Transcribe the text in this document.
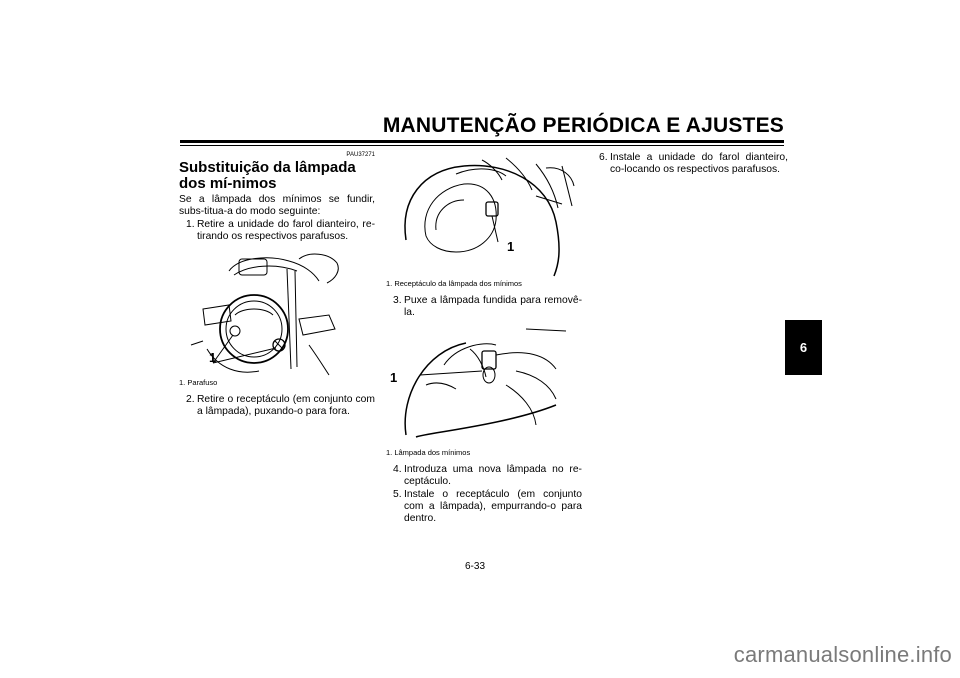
MANUTENÇÃO PERIÓDICA E AJUSTES
6
PAU37271
Substituição da lâmpada dos mí-nimos

Se a lâmpada dos mínimos se fundir, subs-titua-a do modo seguinte:

1. Retire a unidade do farol dianteiro, re-tirando os respectivos parafusos.
1
1. Parafuso
2. Retire o receptáculo (em conjunto com a lâmpada), puxando-o para fora.
1
1. Receptáculo da lâmpada dos mínimos
3. Puxe a lâmpada fundida para removê-la.
1
1. Lâmpada dos mínimos
4. Introduza uma nova lâmpada no re-ceptáculo.
5. Instale o receptáculo (em conjunto com a lâmpada), empurrando-o para dentro.
6. Instale a unidade do farol dianteiro, co-locando os respectivos parafusos.
6-33
carmanualsonline.info
